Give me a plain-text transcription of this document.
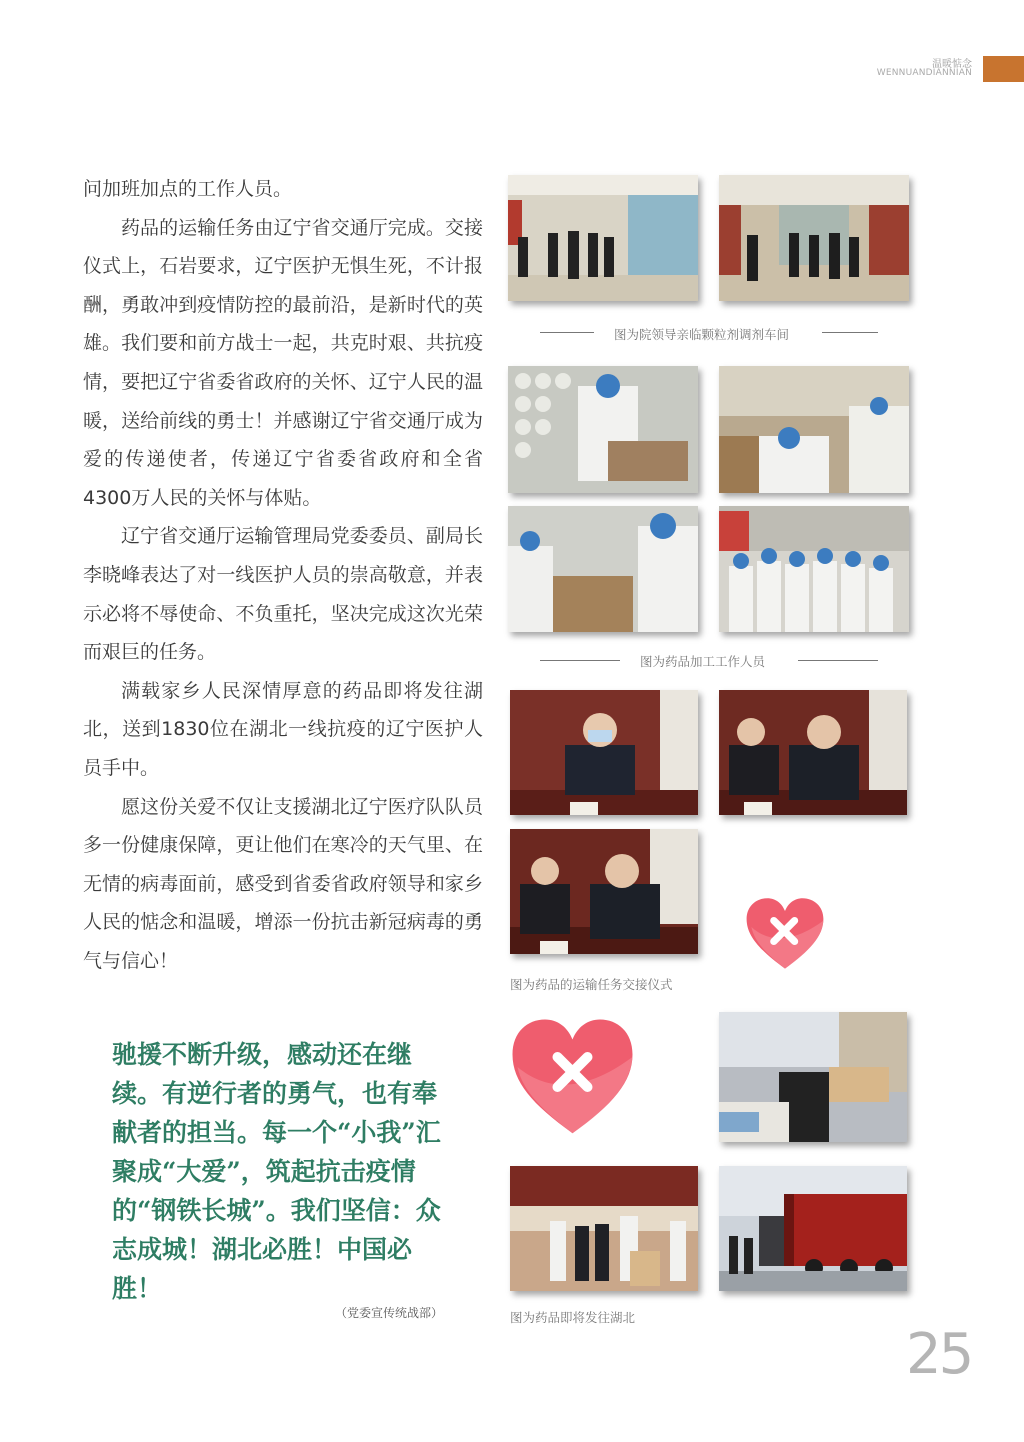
温暖惦念
WENNUANDIANNIAN

问加班加点的工作人员。

药品的运输任务由辽宁省交通厅完成。交接仪式上，石岩要求，辽宁医护无惧生死，不计报酬，勇敢冲到疫情防控的最前沿，是新时代的英雄。我们要和前方战士一起，共克时艰、共抗疫情，要把辽宁省委省政府的关怀、辽宁人民的温暖，送给前线的勇士！并感谢辽宁省交通厅成为爱的传递使者，传递辽宁省委省政府和全省4300万人民的关怀与体贴。

辽宁省交通厅运输管理局党委委员、副局长李晓峰表达了对一线医护人员的崇高敬意，并表示必将不辱使命、不负重托，坚决完成这次光荣而艰巨的任务。

满载家乡人民深情厚意的药品即将发往湖北，送到1830位在湖北一线抗疫的辽宁医护人员手中。

愿这份关爱不仅让支援湖北辽宁医疗队队员多一份健康保障，更让他们在寒冷的天气里、在无情的病毒面前，感受到省委省政府领导和家乡人民的惦念和温暖，增添一份抗击新冠病毒的勇气与信心！

驰援不断升级，感动还在继续。有逆行者的勇气，也有奉献者的担当。每一个“小我”汇聚成“大爱”，筑起抗击疫情的“钢铁长城”。我们坚信：众志成城！湖北必胜！中国必胜！
（党委宣传统战部）
图为院领导亲临颗粒剂调剂车间
图为药品加工工作人员
图为药品的运输任务交接仪式
图为药品即将发往湖北
25
